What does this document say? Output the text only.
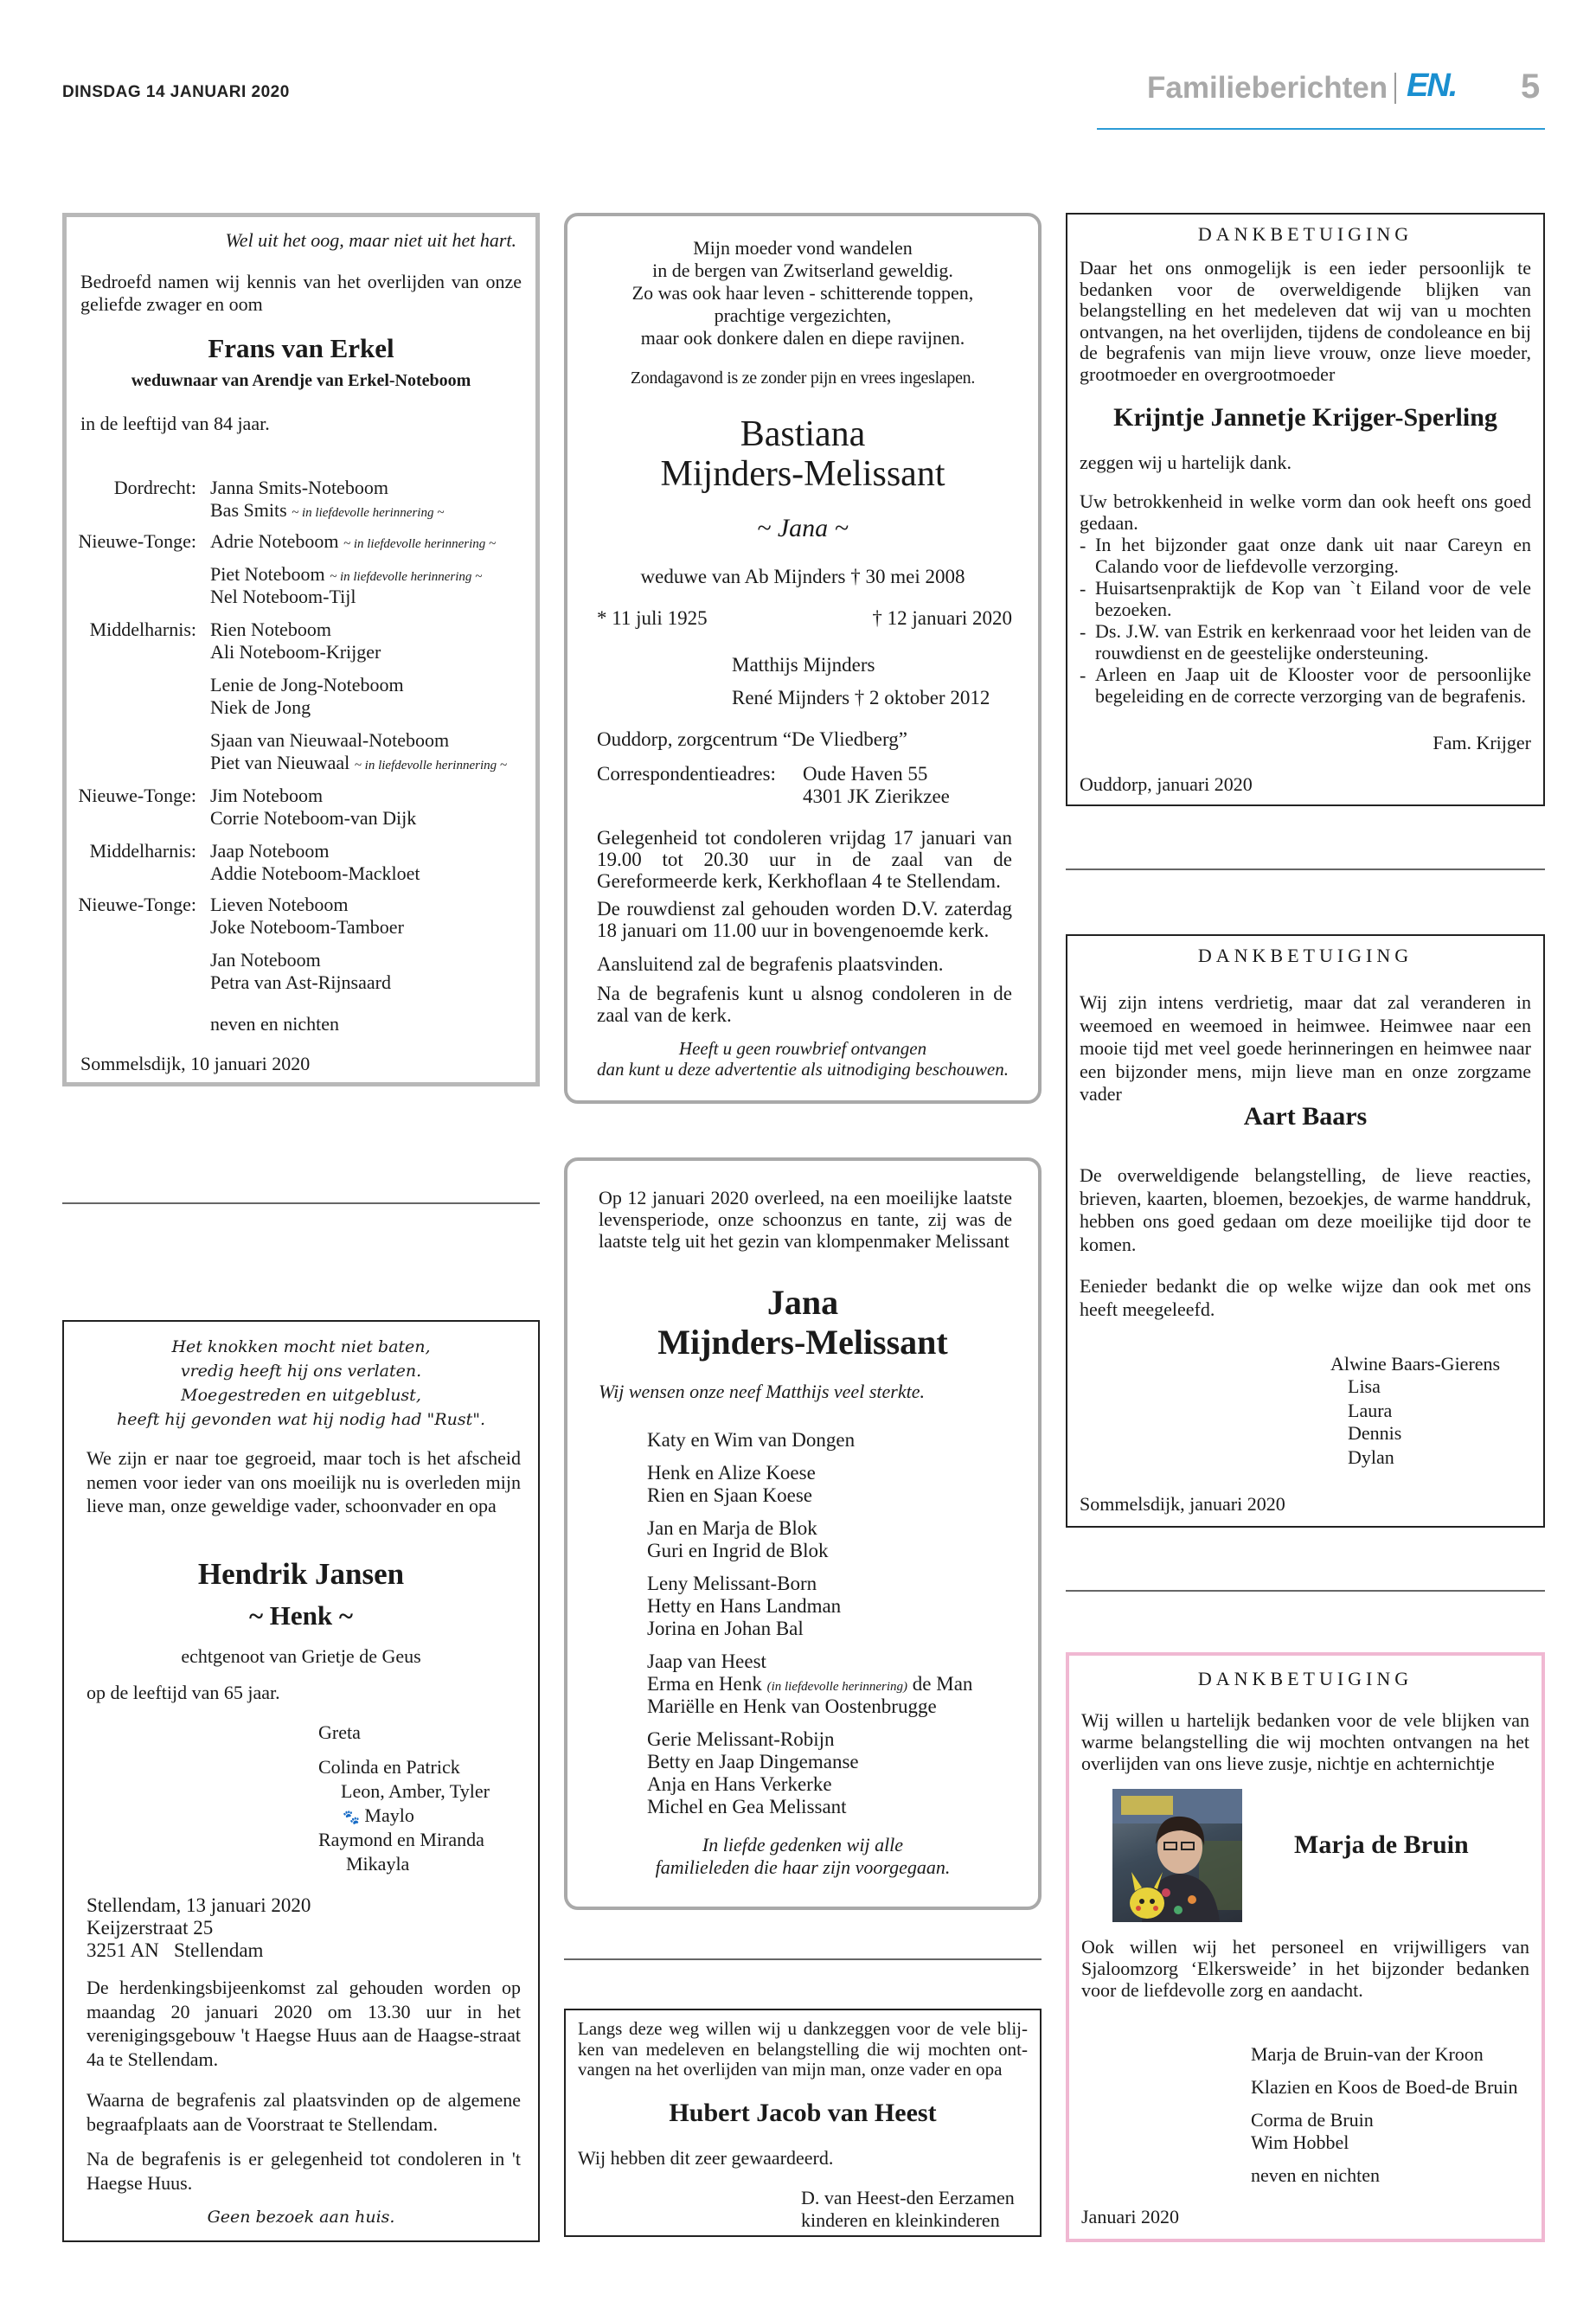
DINSDAG 14 JANUARI 2020	Familieberichten EN. 5
Wel uit het oog, maar niet uit het hart.
Bedroefd namen wij kennis van het overlijden van onze geliefde zwager en oom
Frans van Erkel
weduwnaar van Arendje van Erkel-Noteboom
in de leeftijd van 84 jaar.
Dordrecht: Janna Smits-Noteboom
Bas Smits ~ in liefdevolle herinnering ~
Nieuwe-Tonge: Adrie Noteboom ~ in liefdevolle herinnering ~
Piet Noteboom ~ in liefdevolle herinnering ~
Nel Noteboom-Tijl
Middelharnis: Rien Noteboom
Ali Noteboom-Krijger
Lenie de Jong-Noteboom
Niek de Jong
Sjaan van Nieuwaal-Noteboom
Piet van Nieuwaal ~ in liefdevolle herinnering ~
Nieuwe-Tonge: Jim Noteboom
Corrie Noteboom-van Dijk
Middelharnis: Jaap Noteboom
Addie Noteboom-Mackloet
Nieuwe-Tonge: Lieven Noteboom
Joke Noteboom-Tamboer
Jan Noteboom
Petra van Ast-Rijnsaard
neven en nichten
Sommelsdijk, 10 januari 2020
Mijn moeder vond wandelen
in de bergen van Zwitserland geweldig.
Zo was ook haar leven - schitterende toppen,
prachtige vergezichten,
maar ook donkere dalen en diepe ravijnen.
Zondagavond is ze zonder pijn en vrees ingeslapen.
Bastiana
Mijnders-Melissant
~ Jana ~
weduwe van Ab Mijnders † 30 mei 2008
* 11 juli 1925	† 12 januari 2020
Matthijs Mijnders
René Mijnders † 2 oktober 2012
Ouddorp, zorgcentrum “De Vliedberg”
Correspondentieadres: Oude Haven 55
4301 JK Zierikzee
Gelegenheid tot condoleren vrijdag 17 januari van 19.00 tot 20.30 uur in de zaal van de Gereformeerde kerk, Kerkhoflaan 4 te Stellendam.
De rouwdienst zal gehouden worden D.V. zaterdag 18 januari om 11.00 uur in bovengenoemde kerk.
Aansluitend zal de begrafenis plaatsvinden.
Na de begrafenis kunt u alsnog condoleren in de zaal van de kerk.
Heeft u geen rouwbrief ontvangen
dan kunt u deze advertentie als uitnodiging beschouwen.
DANKBETUIGING
Daar het ons onmogelijk is een ieder persoonlijk te bedanken voor de overweldigende blijken van belangstelling en het medeleven dat wij van u mochten ontvangen, na het overlijden, tijdens de condoleance en bij de begrafenis van mijn lieve vrouw, onze lieve moeder, grootmoeder en overgrootmoeder
Krijntje Jannetje Krijger-Sperling
zeggen wij u hartelijk dank.
Uw betrokkenheid in welke vorm dan ook heeft ons goed gedaan.
- In het bijzonder gaat onze dank uit naar Careyn en Calando voor de liefdevolle verzorging.
- Huisartsenpraktijk de Kop van `t Eiland voor de vele bezoeken.
- Ds. J.W. van Estrik en kerkenraad voor het leiden van de rouwdienst en de geestelijke ondersteuning.
- Arleen en Jaap uit de Klooster voor de persoonlijke begeleiding en de correcte verzorging van de begrafenis.
Fam. Krijger
Ouddorp, januari 2020
DANKBETUIGING
Wij zijn intens verdrietig, maar dat zal veranderen in weemoed en weemoed in heimwee. Heimwee naar een mooie tijd met veel goede herinneringen en heimwee naar een bijzonder mens, mijn lieve man en onze zorgzame vader
Aart Baars
De overweldigende belangstelling, de lieve reacties, brieven, kaarten, bloemen, bezoekjes, de warme handdruk, hebben ons goed gedaan om deze moeilijke tijd door te komen.
Eenieder bedankt die op welke wijze dan ook met ons heeft meegeleefd.
Alwine Baars-Gierens
Lisa
Laura
Dennis
Dylan
Sommelsdijk, januari 2020
Het knokken mocht niet baten,
vredig heeft hij ons verlaten.
Moegestreden en uitgeblust,
heeft hij gevonden wat hij nodig had "Rust".
We zijn er naar toe gegroeid, maar toch is het afscheid nemen voor ieder van ons moeilijk nu is overleden mijn lieve man, onze geweldige vader, schoonvader en opa
Hendrik Jansen
~ Henk ~
echtgenoot van Grietje de Geus
op de leeftijd van 65 jaar.
Greta
Colinda en Patrick
Leon, Amber, Tyler
🐾 Maylo
Raymond en Miranda
Mikayla
Stellendam, 13 januari 2020
Keijzerstraat 25
3251 AN   Stellendam
De herdenkingsbijeenkomst zal gehouden worden op maandag 20 januari 2020 om 13.30 uur in het verenigingsgebouw 't Haegse Huus aan de Haagse-straat 4a te Stellendam.
Waarna de begrafenis zal plaatsvinden op de algemene begraafplaats aan de Voorstraat te Stellendam.
Na de begrafenis is er gelegenheid tot condoleren in 't Haegse Huus.
Geen bezoek aan huis.
Op 12 januari 2020 overleed, na een moeilijke laatste levensperiode, onze schoonzus en tante, zij was de laatste telg uit het gezin van klompenmaker Melissant
Jana
Mijnders-Melissant
Wij wensen onze neef Matthijs veel sterkte.
Katy en Wim van Dongen
Henk en Alize Koese
Rien en Sjaan Koese
Jan en Marja de Blok
Guri en Ingrid de Blok
Leny Melissant-Born
Hetty en Hans Landman
Jorina en Johan Bal
Jaap van Heest
Erma en Henk (in liefdevolle herinnering) de Man
Mariëlle en Henk van Oostenbrugge
Gerie Melissant-Robijn
Betty en Jaap Dingemanse
Anja en Hans Verkerke
Michel en Gea Melissant
In liefde gedenken wij alle
familieleden die haar zijn voorgegaan.
Langs deze weg willen wij u dankzeggen voor de vele blij-ken van medeleven en belangstelling die wij mochten ont-vangen na het overlijden van mijn man, onze vader en opa
Hubert Jacob van Heest
Wij hebben dit zeer gewaardeerd.
D. van Heest-den Eerzamen
kinderen en kleinkinderen
DANKBETUIGING
Wij willen u hartelijk bedanken voor de vele blijken van warme belangstelling die wij mochten ontvangen na het overlijden van ons lieve zusje, nichtje en achternichtje
Marja de Bruin
Ook willen wij het personeel en vrijwilligers van Sjaloomzorg ‘Elkersweide’ in het bijzonder bedanken voor de liefdevolle zorg en aandacht.
Marja de Bruin-van der Kroon
Klazien en Koos de Boed-de Bruin
Corma de Bruin
Wim Hobbel
neven en nichten
Januari 2020
